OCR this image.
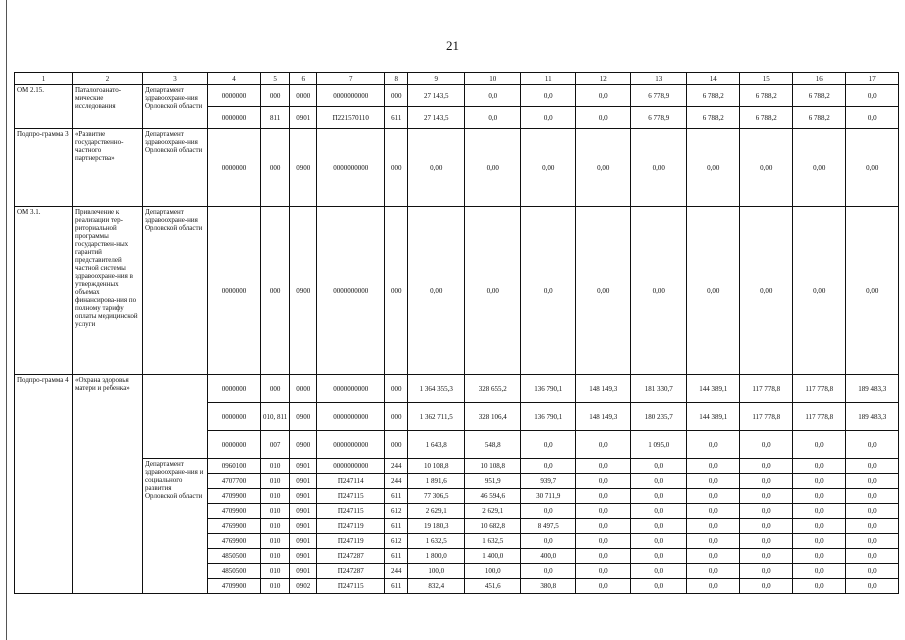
21
1	2	3	4	5	6	7	8	9	10	11	12	13	14	15	16	17
ОМ 2.15.	Паталогоанато-мические исследования	Департамент здравоохране-ния Орловской области	0000000	000	0000	0000000000	000	27 143,5	0,0	0,0	0,0	6 778,9	6 788,2	6 788,2	6 788,2	0,0
			0000000	811	0901	П221570110	611	27 143,5	0,0	0,0	0,0	6 778,9	6 788,2	6 788,2	6 788,2	0,0
Подпро-грамма 3	«Развитие государственно-частного партнерства»	Департамент здравоохране-ния Орловской области	0000000	000	0900	0000000000	000	0,00	0,00	0,00	0,00	0,00	0,00	0,00	0,00	0,00
ОМ 3.1.	Привлечение к реализации тер-риториальной программы государствен-ных гарантий представителей частной системы здравоохране-ния в утвержденных объемах финансирова-ния по полному тарифу оплаты медицинской услуги	Департамент здравоохране-ния Орловской области	0000000	000	0900	0000000000	000	0,00	0,00	0,0	0,00	0,00	0,00	0,00	0,00	0,00
Подпро-грамма 4	«Охрана здоровья матери и ребенка»		0000000	000	0000	0000000000	000	1 364 355,3	328 655,2	136 790,1	148 149,3	181 330,7	144 389,1	117 778,8	117 778,8	189 483,3
			0000000	010, 811	0900	0000000000	000	1 362 711,5	328 106,4	136 790,1	148 149,3	180 235,7	144 389,1	117 778,8	117 778,8	189 483,3
			0000000	007	0900	0000000000	000	1 643,8	548,8	0,0	0,0	1 095,0	0,0	0,0	0,0	0,0
		Департамент здравоохране-ния и социального развития Орловской области	0960100	010	0901	0000000000	244	10 108,8	10 108,8	0,0	0,0	0,0	0,0	0,0	0,0	0,0
			4707700	010	0901	П247114	244	1 891,6	951,9	939,7	0,0	0,0	0,0	0,0	0,0	0,0
			4709900	010	0901	П247115	611	77 306,5	46 594,6	30 711,9	0,0	0,0	0,0	0,0	0,0	0,0
			4709900	010	0901	П247115	612	2 629,1	2 629,1	0,0	0,0	0,0	0,0	0,0	0,0	0,0
			4769900	010	0901	П247119	611	19 180,3	10 682,8	8 497,5	0,0	0,0	0,0	0,0	0,0	0,0
			4769900	010	0901	П247119	612	1 632,5	1 632,5	0,0	0,0	0,0	0,0	0,0	0,0	0,0
			4850500	010	0901	П247287	611	1 800,0	1 400,0	400,0	0,0	0,0	0,0	0,0	0,0	0,0
			4850500	010	0901	П247287	244	100,0	100,0	0,0	0,0	0,0	0,0	0,0	0,0	0,0
			4709900	010	0902	П247115	611	832,4	451,6	380,8	0,0	0,0	0,0	0,0	0,0	0,0
